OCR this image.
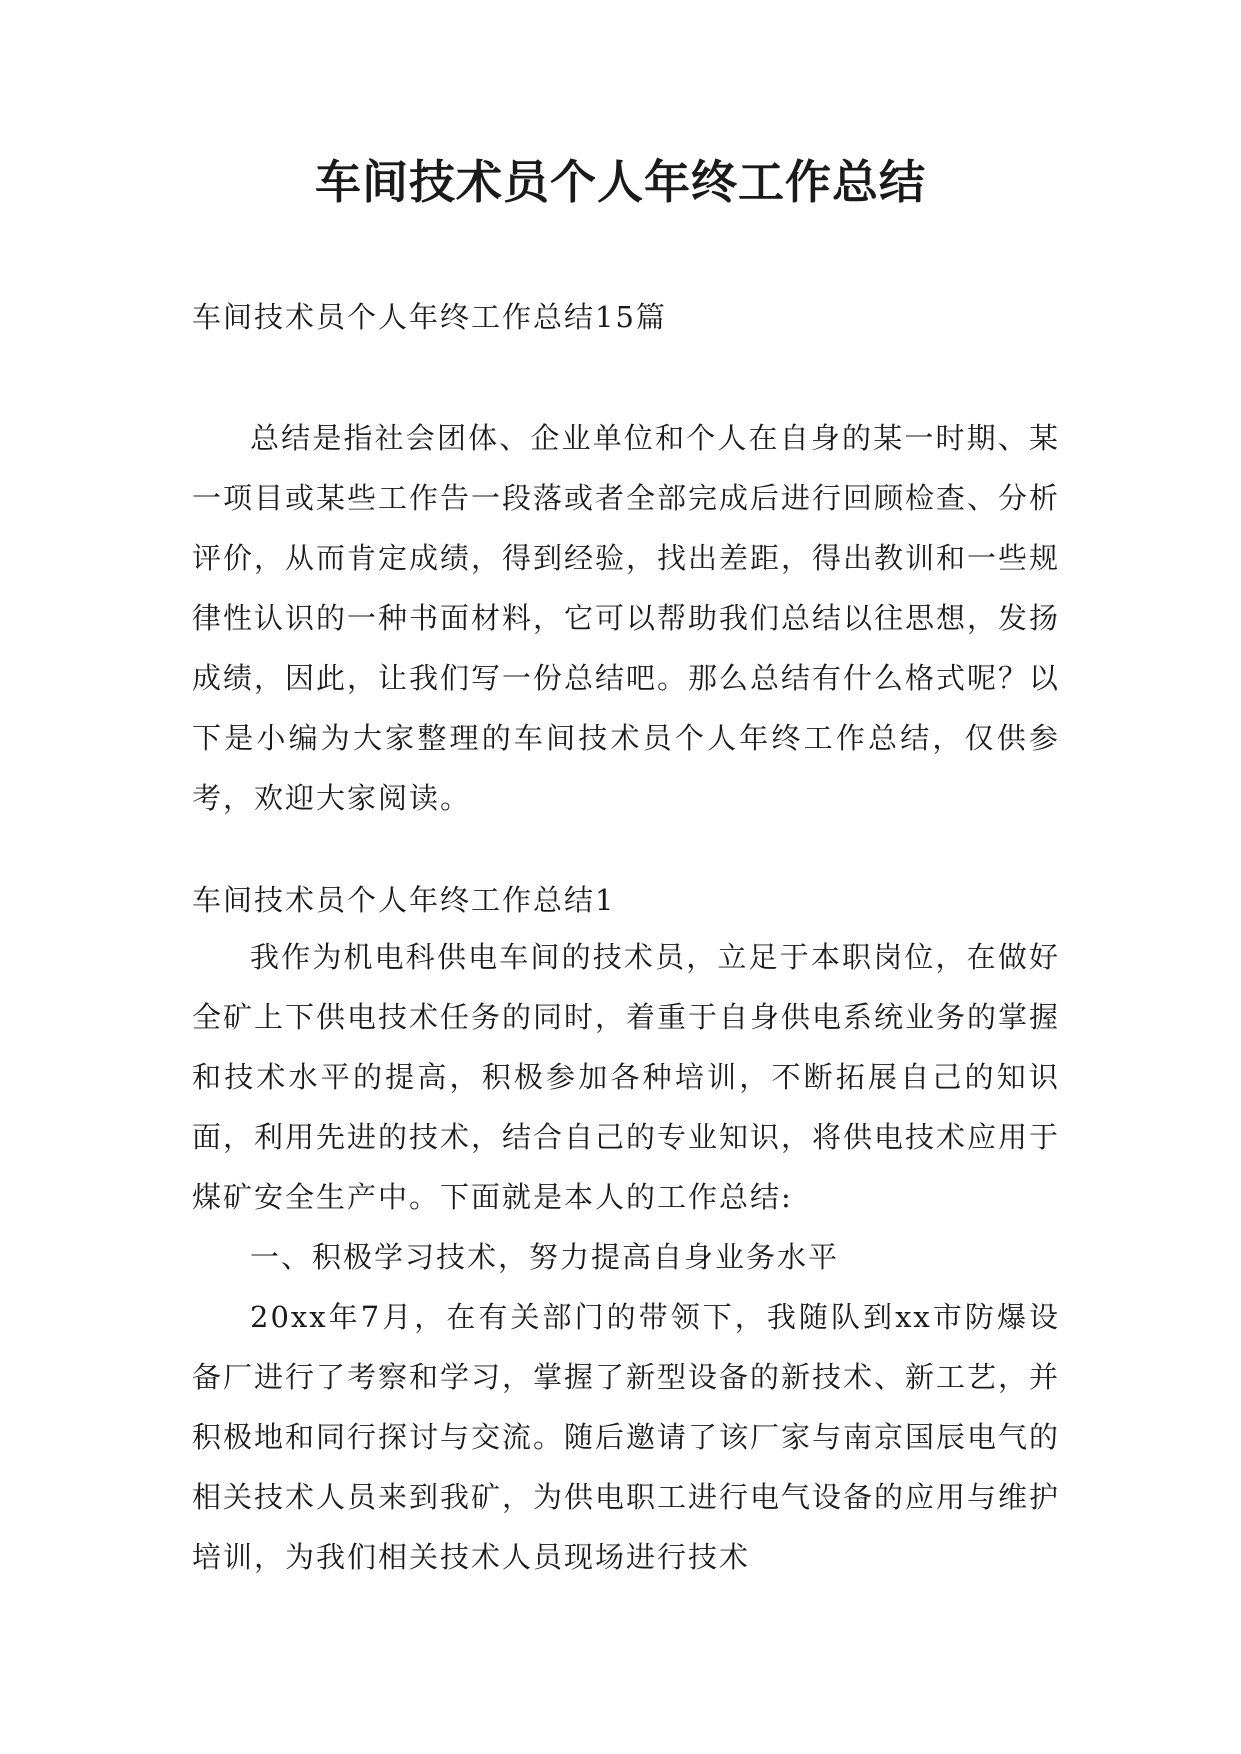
车间技术员个人年终工作总结
车间技术员个人年终工作总结15篇

总结是指社会团体、企业单位和个人在自身的某一时期、某一项目或某些工作告一段落或者全部完成后进行回顾检查、分析评价，从而肯定成绩，得到经验，找出差距，得出教训和一些规律性认识的一种书面材料，它可以帮助我们总结以往思想，发扬成绩，因此，让我们写一份总结吧。那么总结有什么格式呢？以下是小编为大家整理的车间技术员个人年终工作总结，仅供参考，欢迎大家阅读。

车间技术员个人年终工作总结1

我作为机电科供电车间的技术员，立足于本职岗位，在做好全矿上下供电技术任务的同时，着重于自身供电系统业务的掌握和技术水平的提高，积极参加各种培训，不断拓展自己的知识面，利用先进的技术，结合自己的专业知识，将供电技术应用于煤矿安全生产中。下面就是本人的工作总结:

一、积极学习技术，努力提高自身业务水平

20xx年7月，在有关部门的带领下，我随队到xx市防爆设备厂进行了考察和学习，掌握了新型设备的新技术、新工艺，并积极地和同行探讨与交流。随后邀请了该厂家与南京国辰电气的相关技术人员来到我矿，为供电职工进行电气设备的应用与维护培训，为我们相关技术人员现场进行技术
